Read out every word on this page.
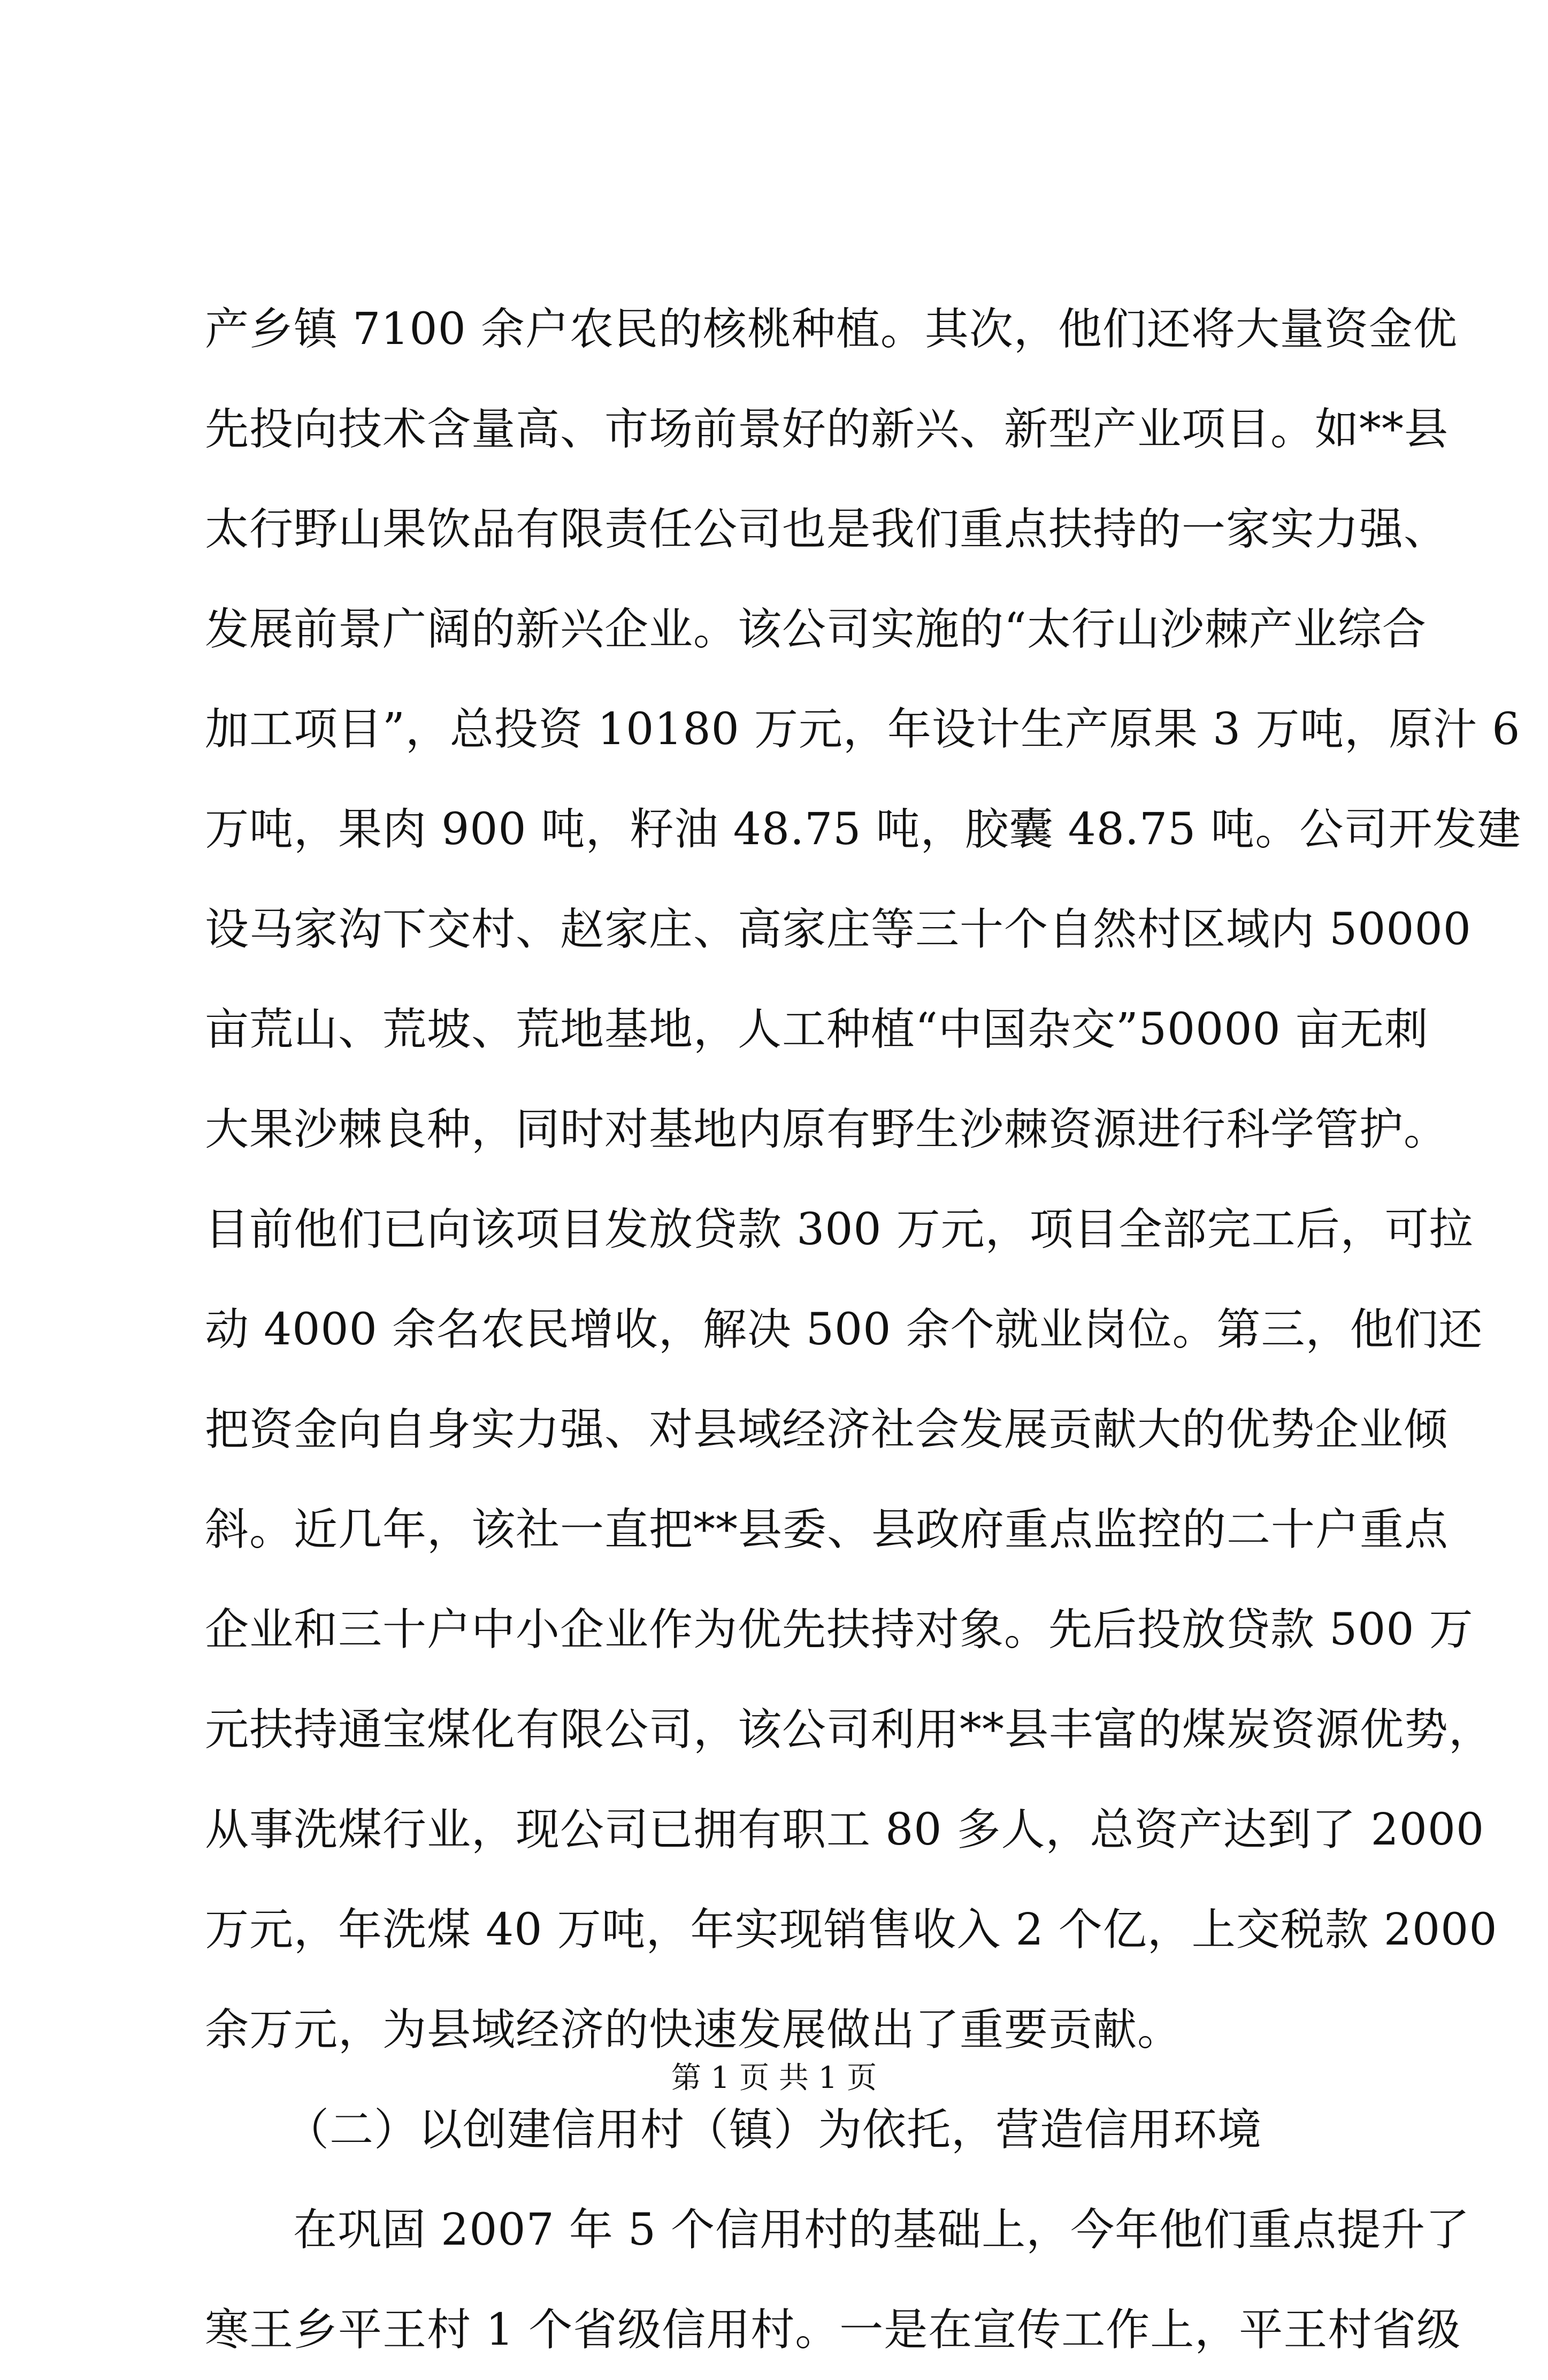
产乡镇 7100 余户农民的核桃种植。其次，他们还将大量资金优
先投向技术含量高、市场前景好的新兴、新型产业项目。如**县
太行野山果饮品有限责任公司也是我们重点扶持的一家实力强、
发展前景广阔的新兴企业。该公司实施的“太行山沙棘产业综合
加工项目”，总投资 10180 万元，年设计生产原果 3 万吨，原汁 6
万吨，果肉 900 吨，籽油 48.75 吨，胶囊 48.75 吨。公司开发建
设马家沟下交村、赵家庄、高家庄等三十个自然村区域内 50000
亩荒山、荒坡、荒地基地，人工种植“中国杂交”50000 亩无刺
大果沙棘良种，同时对基地内原有野生沙棘资源进行科学管护。
目前他们已向该项目发放贷款 300 万元，项目全部完工后，可拉
动 4000 余名农民增收，解决 500 余个就业岗位。第三，他们还
把资金向自身实力强、对县域经济社会发展贡献大的优势企业倾
斜。近几年，该社一直把**县委、县政府重点监控的二十户重点
企业和三十户中小企业作为优先扶持对象。先后投放贷款 500 万
元扶持通宝煤化有限公司，该公司利用**县丰富的煤炭资源优势，
从事洗煤行业，现公司已拥有职工 80 多人，总资产达到了 2000
万元，年洗煤 40 万吨，年实现销售收入 2 个亿，上交税款 2000
余万元，为县域经济的快速发展做出了重要贡献。
（二）以创建信用村（镇）为依托，营造信用环境
在巩固 2007 年 5 个信用村的基础上，今年他们重点提升了
寒王乡平王村 1 个省级信用村。一是在宣传工作上，平王村省级
第 1 页 共 1 页
